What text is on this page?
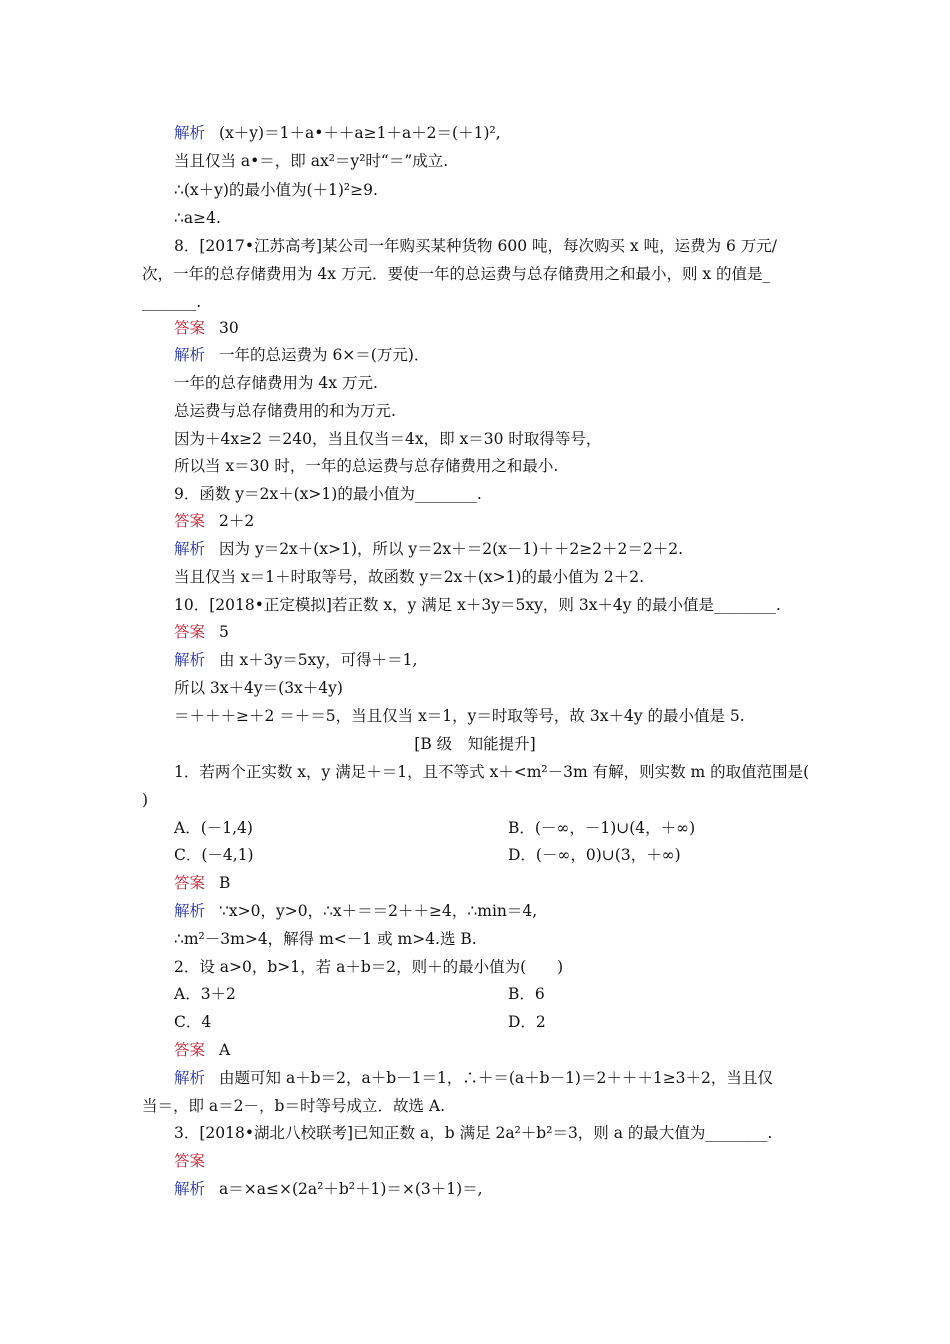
解析 (x＋y)＝1＋a•＋＋a≥1＋a＋2＝(＋1)²,
当且仅当 a•＝，即 ax²＝y²时“＝”成立.
∴(x＋y)的最小值为(＋1)²≥9.
∴a≥4.
8．[2017•江苏高考]某公司一年购买某种货物 600 吨，每次购买 x 吨，运费为 6 万元/
次，一年的总存储费用为 4x 万元．要使一年的总运费与总存储费用之和最小，则 x 的值是_
_______.
答案 30
解析 一年的总运费为 6×＝(万元)．
一年的总存储费用为 4x 万元.
总运费与总存储费用的和为万元.
因为＋4x≥2 ＝240，当且仅当＝4x，即 x＝30 时取得等号，
所以当 x＝30 时，一年的总运费与总存储费用之和最小.
9．函数 y＝2x＋(x>1)的最小值为________.
答案 2＋2
解析 因为 y＝2x＋(x>1)，所以 y＝2x＋＝2(x－1)＋＋2≥2＋2＝2＋2.
当且仅当 x＝1＋时取等号，故函数 y＝2x＋(x>1)的最小值为 2＋2.
10．[2018•正定模拟]若正数 x，y 满足 x＋3y＝5xy，则 3x＋4y 的最小值是________.
答案 5
解析 由 x＋3y＝5xy，可得＋＝1,
所以 3x＋4y＝(3x＋4y)
＝＋＋＋≥＋2 ＝＋＝5，当且仅当 x＝1，y＝时取等号，故 3x＋4y 的最小值是 5.
[B 级　知能提升]
1．若两个正实数 x，y 满足＋＝1，且不等式 x＋<m²－3m 有解，则实数 m 的取值范围是(
)
A．(－1,4)	B．(－∞，－1)∪(4，＋∞)
C．(－4,1)	D．(－∞，0)∪(3，＋∞)
答案 B
解析 ∵x>0，y>0，∴x＋＝＝2＋＋≥4，∴min＝4,
∴m²－3m>4，解得 m<－1 或 m>4.选 B.
2．设 a>0，b>1，若 a＋b＝2，则＋的最小值为(　　)
A．3＋2	B．6
C．4	D．2
答案 A
解析 由题可知 a＋b＝2，a＋b－1＝1，∴＋＝(a＋b－1)＝2＋＋＋1≥3＋2，当且仅
当＝，即 a＝2－，b＝时等号成立．故选 A.
3．[2018•湖北八校联考]已知正数 a，b 满足 2a²＋b²＝3，则 a 的最大值为________.
答案
解析 a＝×a≤×(2a²＋b²＋1)＝×(3＋1)＝,
